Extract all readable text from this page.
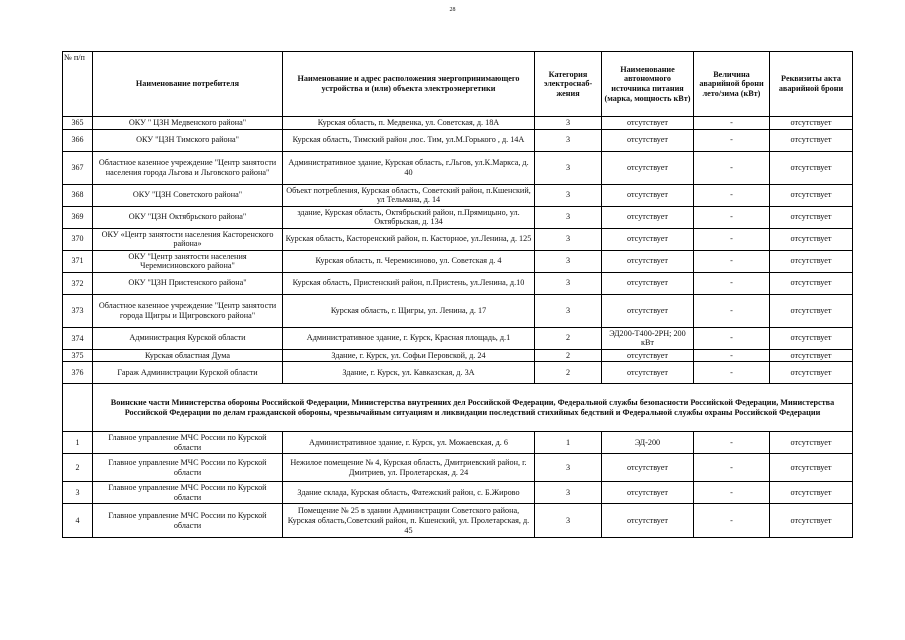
28
№ п/п	Наименование потребителя	Наименование и адрес расположения энергопринимающего устройства и (или) объекта электроэнергетики	Категория электроснаб-жения	Наименование автономного источника питания (марка, мощность кВт)	Величина аварийной брони лето/зима (кВт)	Реквизиты акта аварийной брони
365	ОКУ " ЦЗН Медвенского района"	Курская область, п. Медвенка, ул. Советская, д. 18А	3	отсутствует	-	отсутствует
366	ОКУ "ЦЗН Тимского района"	Курская область, Тимский район ,пос. Тим, ул.М.Горького , д. 14А	3	отсутствует	-	отсутствует
367	Областное казенное учреждение "Центр занятости населения города Льгова и Льговского района"	Административное здание, Курская область, г.Льгов, ул.К.Маркса, д. 40	3	отсутствует	-	отсутствует
368	ОКУ "ЦЗН Советского района"	Объект потребления, Курская область, Советский район, п.Кшенский, ул Тельмана, д. 14	3	отсутствует	-	отсутствует
369	ОКУ "ЦЗН Октябрьского района"	здание, Курская область, Октябрьский район, п.Прямицыно, ул. Октябрьская, д. 134	3	отсутствует	-	отсутствует
370	ОКУ «Центр занятости населения Касторенского района»	Курская область, Касторенский район, п. Касторное, ул.Ленина, д. 125	3	отсутствует	-	отсутствует
371	ОКУ "Центр занятости населения Черемисиновского района"	Курская область, п. Черемисиново, ул. Советская д. 4	3	отсутствует	-	отсутствует
372	ОКУ "ЦЗН Пристенского района"	Курская область, Пристенский район, п.Пристень, ул.Ленина, д.10	3	отсутствует	-	отсутствует
373	Областное казенное учреждение "Центр занятости города Щигры и Щигровского района"	Курская область, г. Щигры, ул. Ленина, д. 17	3	отсутствует	-	отсутствует
374	Администрация Курской области	Административное здание, г. Курск, Красная площадь, д.1	2	ЭД200-Т400-2РН; 200 кВт	-	отсутствует
375	Курская областная Дума	Здание, г. Курск, ул. Софьи Перовской, д. 24	2	отсутствует	-	отсутствует
376	Гараж Администрации Курской области	Здание, г. Курск, ул. Кавказская, д. 3А	2	отсутствует	-	отсутствует
	Воинские части Министерства обороны Российской Федерации, Министерства внутренних дел Российской Федерации, Федеральной службы безопасности Российской Федерации, Министерства Российской Федерации по делам гражданской обороны, чрезвычайным ситуациям и ликвидации последствий стихийных бедствий и Федеральной службы охраны Российской Федерации					
1	Главное управление МЧС России по Курской области	Административное здание, г. Курск, ул. Можаевская, д. 6	1	ЭД-200	-	отсутствует
2	Главное управление МЧС России по Курской области	Нежилое помещение № 4, Курская область, Дмитриевский район, г. Дмитриев, ул. Пролетарская, д. 24	3	отсутствует	-	отсутствует
3	Главное управление МЧС России по Курской области	Здание склада, Курская область, Фатежский район, с. Б.Жирово	3	отсутствует	-	отсутствует
4	Главное управление МЧС России по Курской области	Помещение № 25 в здании Администрации Советского района, Курская область,Советский район, п. Кшенский, ул. Пролетарская, д. 45	3	отсутствует	-	отсутствует
